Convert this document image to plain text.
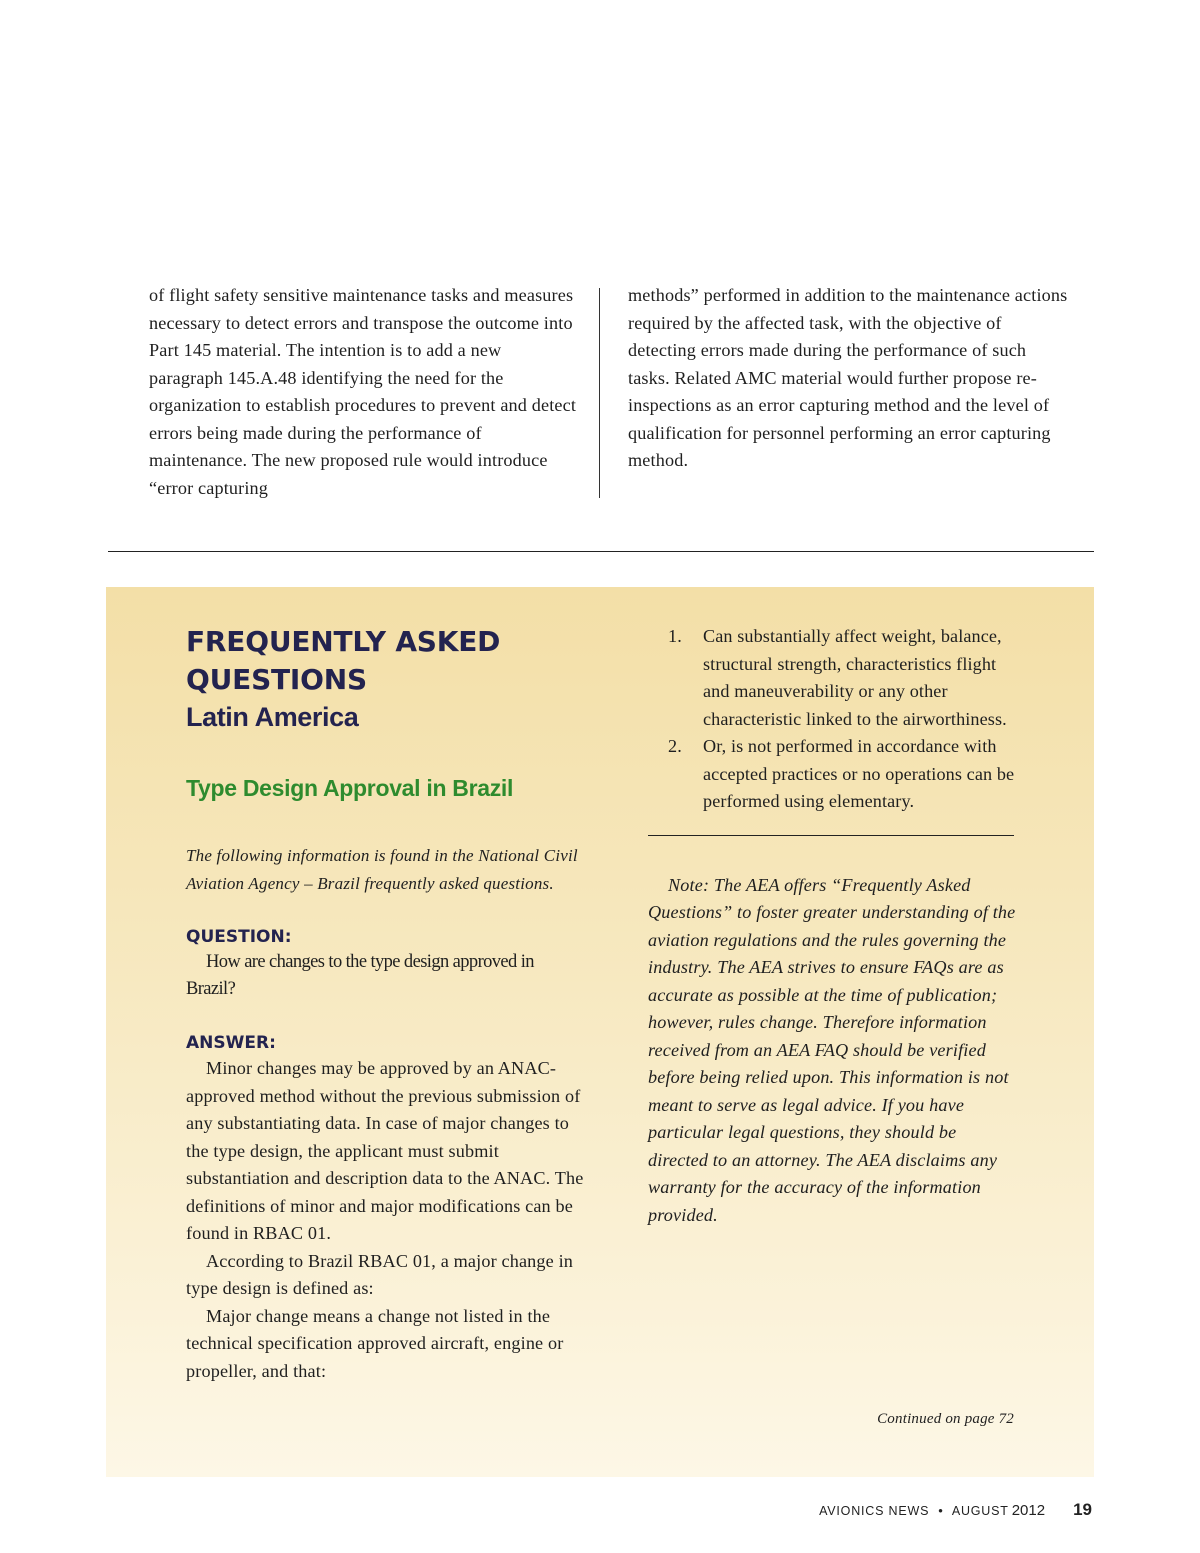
of flight safety sensitive maintenance tasks and measures necessary to detect errors and transpose the outcome into Part 145 material. The intention is to add a new paragraph 145.A.48 identifying the need for the organization to establish procedures to prevent and detect errors being made during the performance of maintenance. The new proposed rule would introduce “error capturing

methods” performed in addition to the maintenance actions required by the affected task, with the objective of detecting errors made during the performance of such tasks. Related AMC material would further propose re-inspections as an error capturing method and the level of qualification for personnel performing an error capturing method.

FREQUENTLY ASKED QUESTIONS
Latin America
Type Design Approval in Brazil

The following information is found in the National Civil Aviation Agency – Brazil frequently asked questions.

QUESTION:

How are changes to the type design approved in Brazil?

ANSWER:

Minor changes may be approved by an ANAC-approved method without the previous submission of any substantiating data. In case of major changes to the type design, the applicant must submit substantiation and description data to the ANAC. The definitions of minor and major modifications can be found in RBAC 01.

According to Brazil RBAC 01, a major change in type design is defined as:

Major change means a change not listed in the technical specification approved aircraft, engine or propeller, and that:

1. Can substantially affect weight, balance, structural strength, characteristics flight and maneuverability or any other characteristic linked to the airworthiness.
2. Or, is not performed in accordance with accepted practices or no operations can be performed using elementary.

Note: The AEA offers “Frequently Asked Questions” to foster greater understanding of the aviation regulations and the rules governing the industry. The AEA strives to ensure FAQs are as accurate as possible at the time of publication; however, rules change. Therefore information received from an AEA FAQ should be verified before being relied upon. This information is not meant to serve as legal advice. If you have particular legal questions, they should be directed to an attorney. The AEA disclaims any warranty for the accuracy of the information provided.

Continued on page 72
AVIONICS NEWS • AUGUST 2012 19
